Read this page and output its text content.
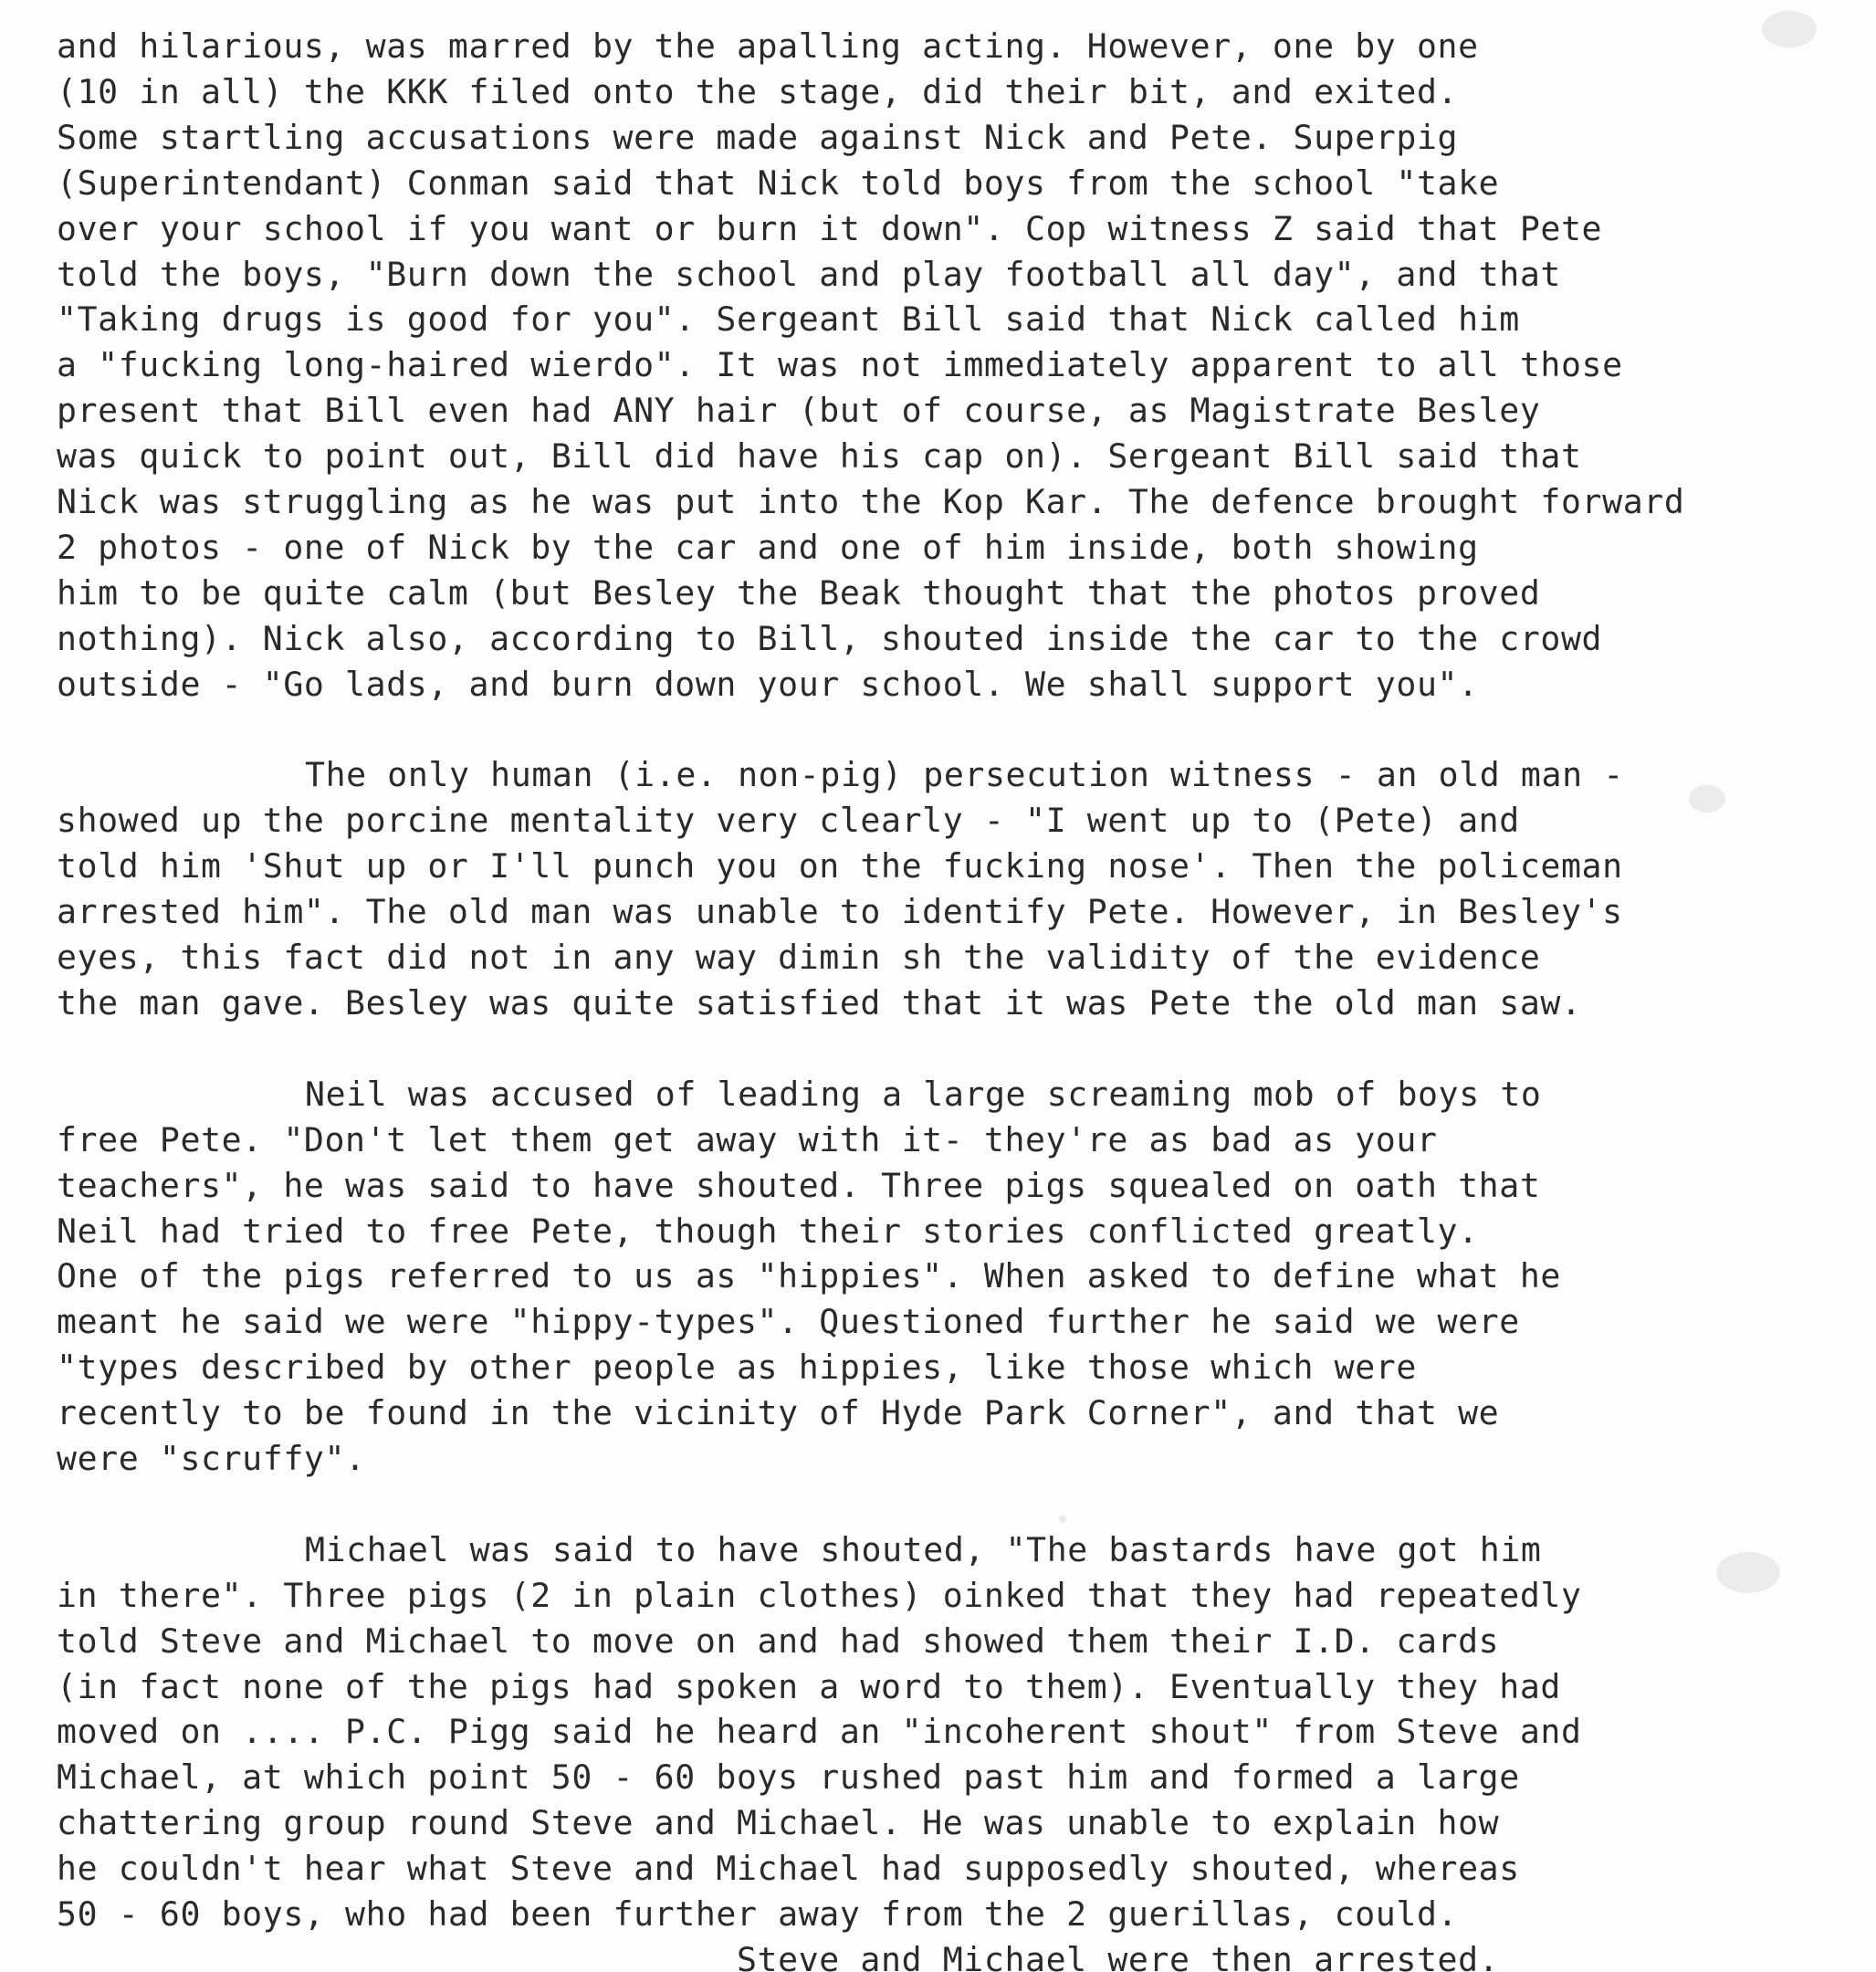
and hilarious, was marred by the apalling acting. However, one by one
(10 in all) the KKK filed onto the stage, did their bit, and exited.
Some startling accusations were made against Nick and Pete. Superpig
(Superintendant) Conman said that Nick told boys from the school "take
over your school if you want or burn it down". Cop witness Z said that Pete
told the boys, "Burn down the school and play football all day", and that
"Taking drugs is good for you". Sergeant Bill said that Nick called him
a "fucking long-haired wierdo". It was not immediately apparent to all those
present that Bill even had ANY hair (but of course, as Magistrate Besley
was quick to point out, Bill did have his cap on). Sergeant Bill said that
Nick was struggling as he was put into the Kop Kar. The defence brought forward
2 photos - one of Nick by the car and one of him inside, both showing
him to be quite calm (but Besley the Beak thought that the photos proved
nothing). Nick also, according to Bill, shouted inside the car to the crowd
outside - "Go lads, and burn down your school. We shall support you".
The only human (i.e. non-pig) persecution witness - an old man -
showed up the porcine mentality very clearly - "I went up to (Pete) and
told him 'Shut up or I'll punch you on the fucking nose'. Then the policeman
arrested him". The old man was unable to identify Pete. However, in Besley's
eyes, this fact did not in any way dimin sh the validity of the evidence
the man gave. Besley was quite satisfied that it was Pete the old man saw.
Neil was accused of leading a large screaming mob of boys to
free Pete. "Don't let them get away with it- they're as bad as your
teachers", he was said to have shouted. Three pigs squealed on oath that
Neil had tried to free Pete, though their stories conflicted greatly.
One of the pigs referred to us as "hippies". When asked to define what he
meant he said we were "hippy-types". Questioned further he said we were
"types described by other people as hippies, like those which were
recently to be found in the vicinity of Hyde Park Corner", and that we
were "scruffy".
Michael was said to have shouted, "The bastards have got him
in there". Three pigs (2 in plain clothes) oinked that they had repeatedly
told Steve and Michael to move on and had showed them their I.D. cards
(in fact none of the pigs had spoken a word to them). Eventually they had
moved on .... P.C. Pigg said he heard an "incoherent shout" from Steve and
Michael, at which point 50 - 60 boys rushed past him and formed a large
chattering group round Steve and Michael. He was unable to explain how
he couldn't hear what Steve and Michael had supposedly shouted, whereas
50 - 60 boys, who had been further away from the 2 guerillas, could.
Steve and Michael were then arrested.
